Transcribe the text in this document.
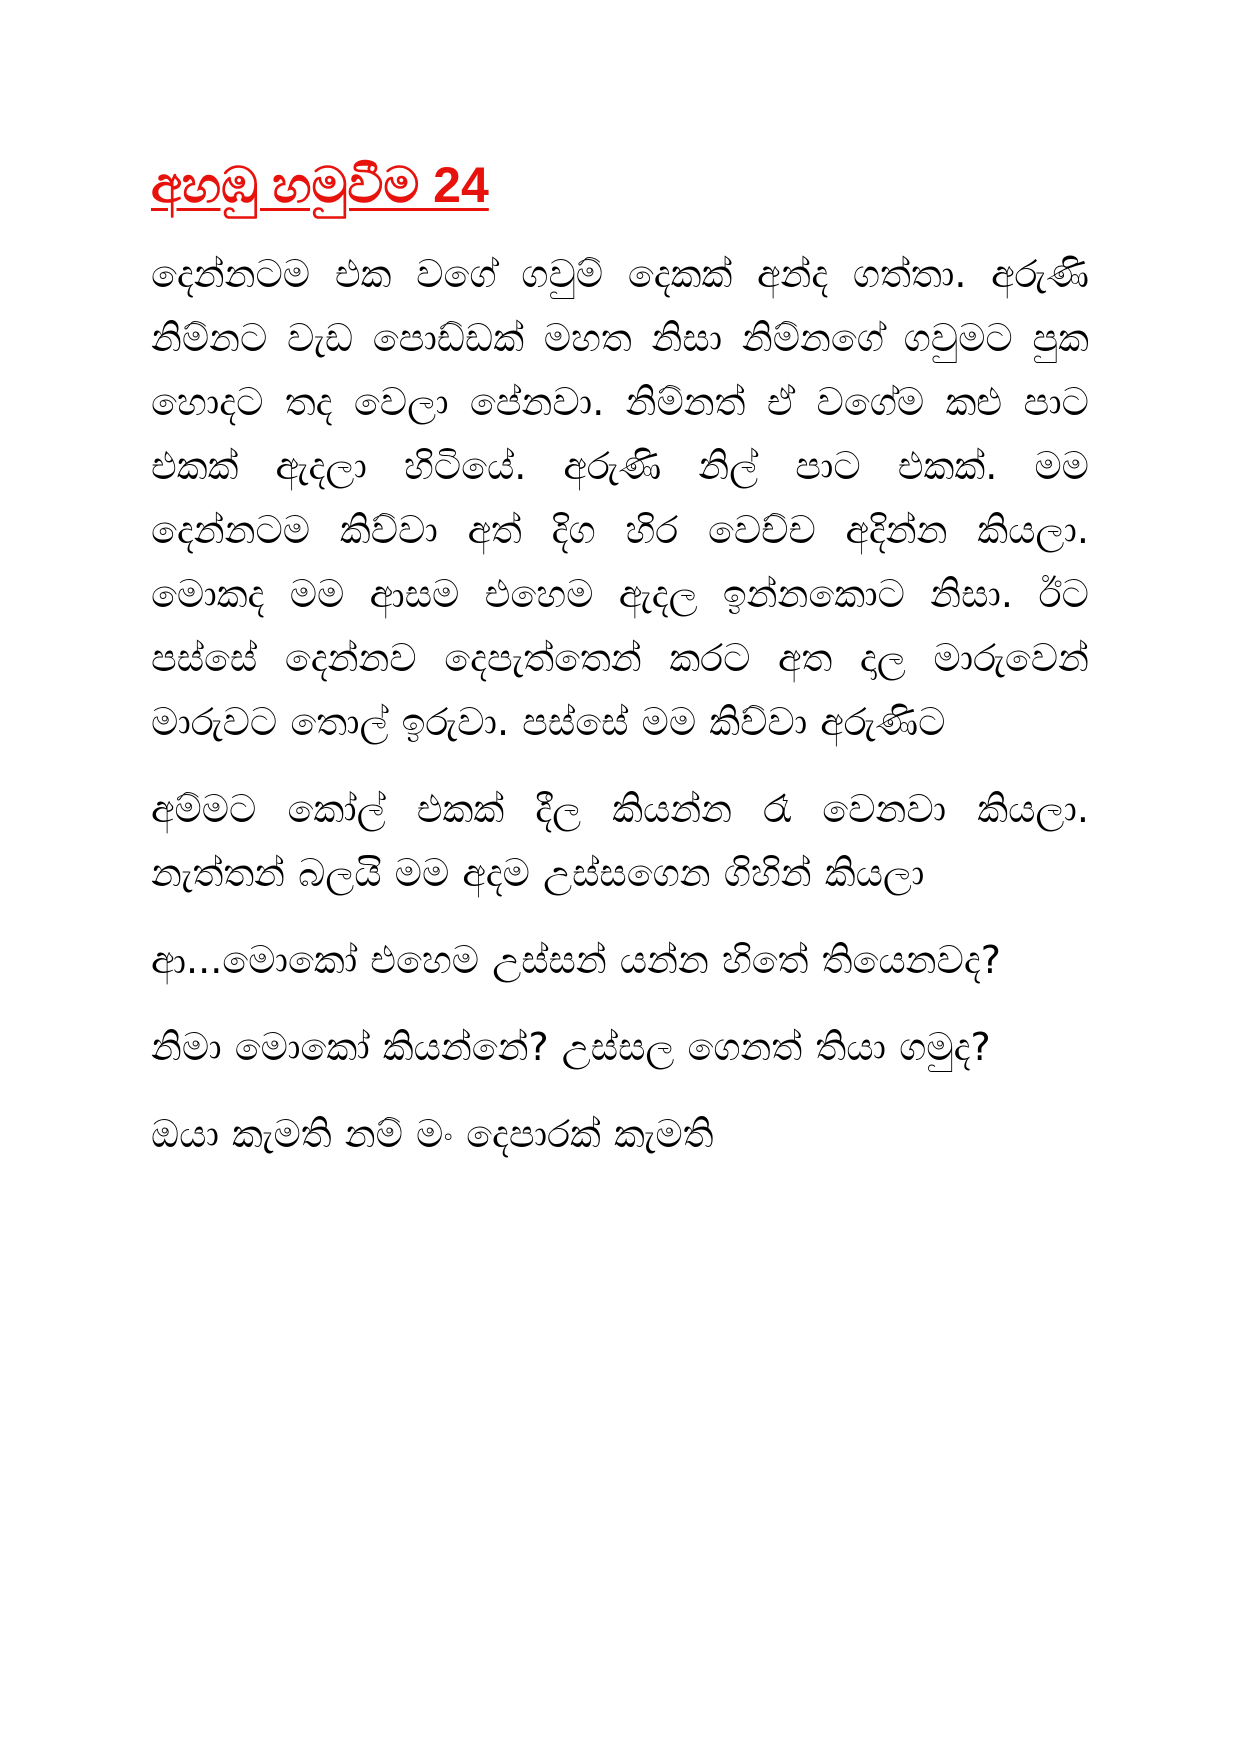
අහඹු හමුවීම 24

දෙන්නටම එක වගේ ගවුම් දෙකක් අන්ද ගත්තා. අරුණි නිම්නට වැඩ පොඩ්ඩක් මහත නිසා නිම්නගේ ගවුමට පුක හොදට තද වෙලා පේනවා. නිම්නත් ඒ වගේම කළු පාට එකක් ඇදලා හිටියේ. අරුණි නිල් පාට එකක්. මම දෙන්නටම කිව්වා අත් දිග හිර වෙච්ච අදින්න කියලා. මොකද මම ආසම එහෙම ඇදල ඉන්නකොට නිසා. ඊට පස්සේ දෙන්නව දෙපැත්තෙන් කරට අත දාල මාරුවෙන් මාරුවට තොල් ඉරුවා. පස්සේ මම කිව්වා අරුණිට

අම්මට කෝල් එකක් දීල කියන්න රෑ වෙනවා කියලා. නැත්තන් බලයි මම අදම උස්සගෙන ගිහින් කියලා

ආ...මොකෝ එහෙම උස්සන් යන්න හිතේ තියෙනවද?

නිමා මොකෝ කියන්නේ? උස්සල ගෙනත් තියා ගමුද?

ඔයා කැමති නම් මං දෙපාරක් කැමති
